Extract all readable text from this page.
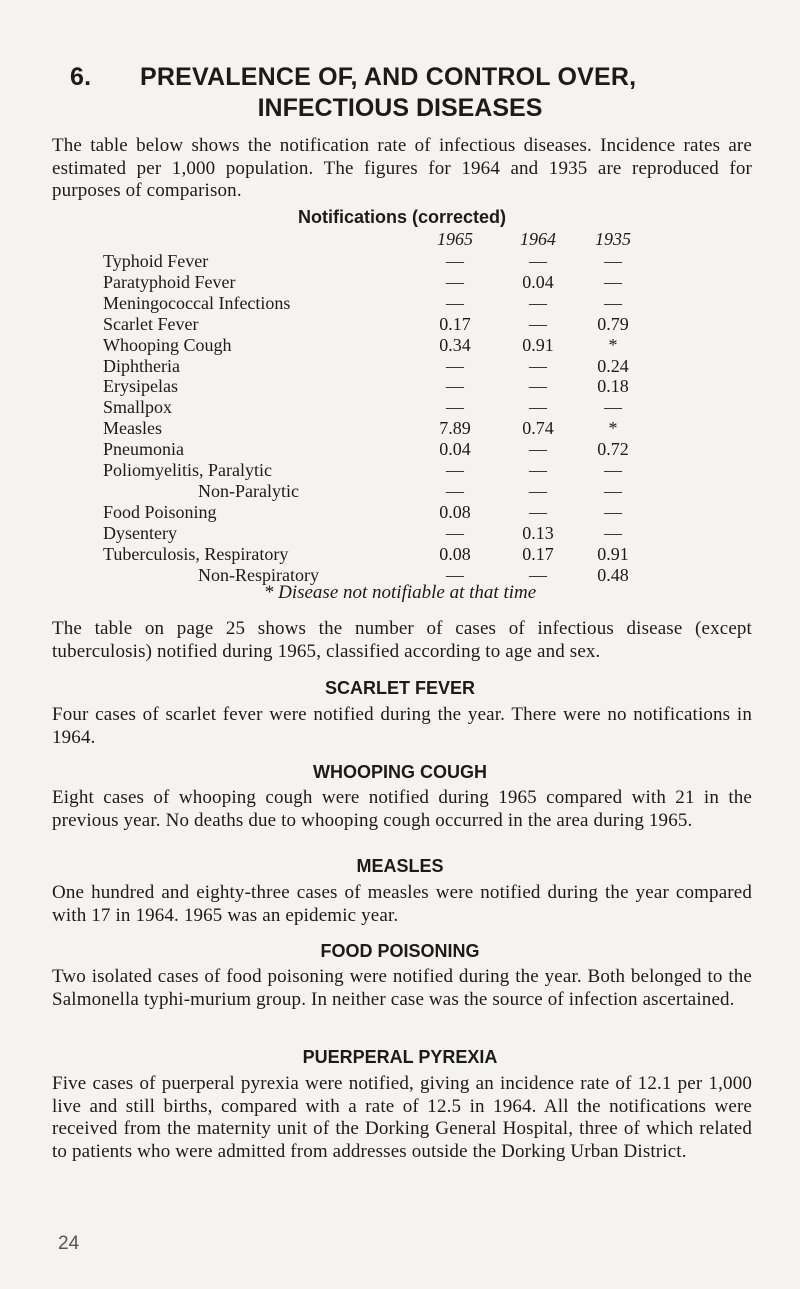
6. PREVALENCE OF, AND CONTROL OVER,
INFECTIOUS DISEASES
The table below shows the notification rate of infectious diseases. Incidence rates are estimated per 1,000 population. The figures for 1964 and 1935 are reproduced for purposes of comparison.
Notifications (corrected)
1965	1964	1935
Typhoid Fever	—	—	—
Paratyphoid Fever	—	0.04	—
Meningococcal Infections	—	—	—
Scarlet Fever	0.17	—	0.79
Whooping Cough	0.34	0.91	*
Diphtheria	—	—	0.24
Erysipelas	—	—	0.18
Smallpox	—	—	—
Measles	7.89	0.74	*
Pneumonia	0.04	—	0.72
Poliomyelitis, Paralytic	—	—	—
Non-Paralytic	—	—	—
Food Poisoning	0.08	—	—
Dysentery	—	0.13	—
Tuberculosis, Respiratory	0.08	0.17	0.91
Non-Respiratory	—	—	0.48
* Disease not notifiable at that time
The table on page 25 shows the number of cases of infectious disease (except tuberculosis) notified during 1965, classified according to age and sex.
SCARLET FEVER
Four cases of scarlet fever were notified during the year. There were no notifications in 1964.
WHOOPING COUGH
Eight cases of whooping cough were notified during 1965 compared with 21 in the previous year. No deaths due to whooping cough occurred in the area during 1965.
MEASLES
One hundred and eighty-three cases of measles were notified during the year compared with 17 in 1964. 1965 was an epidemic year.
FOOD POISONING
Two isolated cases of food poisoning were notified during the year. Both belonged to the Salmonella typhi-murium group. In neither case was the source of infection ascertained.
PUERPERAL PYREXIA
Five cases of puerperal pyrexia were notified, giving an incidence rate of 12.1 per 1,000 live and still births, compared with a rate of 12.5 in 1964. All the notifications were received from the maternity unit of the Dorking General Hospital, three of which related to patients who were admitted from addresses outside the Dorking Urban District.
24
